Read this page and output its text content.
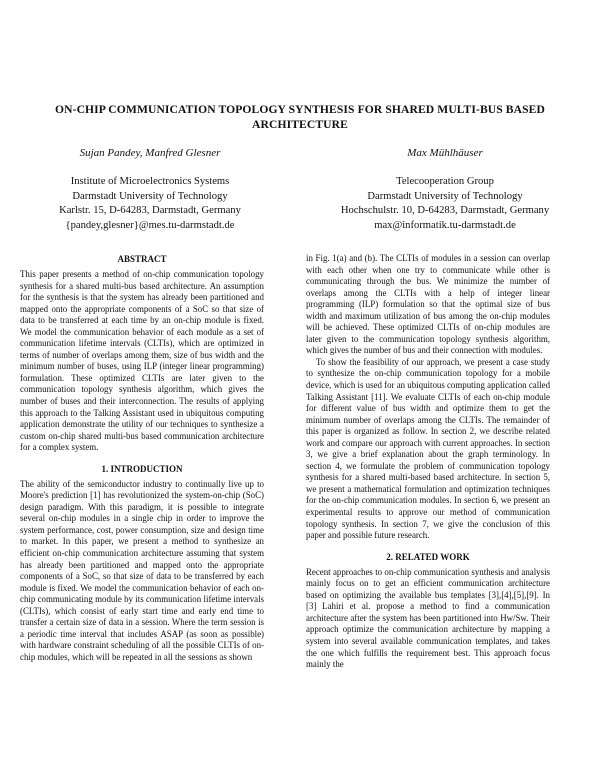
ON-CHIP COMMUNICATION TOPOLOGY SYNTHESIS FOR SHARED MULTI-BUS BASED
ARCHITECTURE
Sujan Pandey, Manfred Glesner	Max Mühlhäuser
Institute of Microelectronics Systems
Darmstadt University of Technology
Karlstr. 15, D-64283, Darmstadt, Germany
{pandey,glesner}@mes.tu-darmstadt.de
Telecooperation Group
Darmstadt University of Technology
Hochschulstr. 10, D-64283, Darmstadt, Germany
max@informatik.tu-darmstadt.de
ABSTRACT

This paper presents a method of on-chip communication topology synthesis for a shared multi-bus based architecture. An assumption for the synthesis is that the system has already been partitioned and mapped onto the appropriate components of a SoC so that size of data to be transferred at each time by an on-chip module is fixed. We model the communication behavior of each module as a set of communication lifetime intervals (CLTIs), which are optimized in terms of number of overlaps among them, size of bus width and the minimum number of buses, using ILP (integer linear programming) formulation. These optimized CLTIs are later given to the communication topology synthesis algorithm, which gives the number of buses and their interconnection. The results of applying this approach to the Talking Assistant used in ubiquitous computing application demonstrate the utility of our techniques to synthesize a custom on-chip shared multi-bus based communication architecture for a complex system.

1. INTRODUCTION

The ability of the semiconductor industry to continually live up to Moore's prediction [1] has revolutionized the system-on-chip (SoC) design paradigm. With this paradigm, it is possible to integrate several on-chip modules in a single chip in order to improve the system performance, cost, power consumption, size and design time to market. In this paper, we present a method to synthesize an efficient on-chip communication architecture assuming that system has already been partitioned and mapped onto the appropriate components of a SoC, so that size of data to be transferred by each module is fixed. We model the communication behavior of each on-chip communicating module by its communication lifetime intervals (CLTIs), which consist of early start time and early end time to transfer a certain size of data in a session. Where the term session is a periodic time interval that includes ASAP (as soon as possible) with hardware constraint scheduling of all the possible CLTIs of on-chip modules, which will be repeated in all the sessions as shown

in Fig. 1(a) and (b). The CLTIs of modules in a session can overlap with each other when one try to communicate while other is communicating through the bus. We minimize the number of overlaps among the CLTIs with a help of integer linear programming (ILP) formulation so that the optimal size of bus width and maximum utilization of bus among the on-chip modules will be achieved. These optimized CLTIs of on-chip modules are later given to the communication topology synthesis algorithm, which gives the number of bus and their connection with modules.

To show the feasibility of our approach, we present a case study to synthesize the on-chip communication topology for a mobile device, which is used for an ubiquitous computing application called Talking Assistant [11]. We evaluate CLTIs of each on-chip module for different value of bus width and optimize them to get the minimum number of overlaps among the CLTIs. The remainder of this paper is organized as follow. In section 2, we describe related work and compare our approach with current approaches. In section 3, we give a brief explanation about the graph terminology. In section 4, we formulate the problem of communication topology synthesis for a shared multi-based based architecture. In section 5, we present a mathematical formulation and optimization techniques for the on-chip communication modules. In section 6, we present an experimental results to approve our method of communication topology synthesis. In section 7, we give the conclusion of this paper and possible future research.

2. RELATED WORK

Recent approaches to on-chip communication synthesis and analysis mainly focus on to get an efficient communication architecture based on optimizing the available bus templates [3],[4],[5],[9]. In [3] Lahiri et al. propose a method to find a communication architecture after the system has been partitioned into Hw/Sw. Their approach optimize the communication architecture by mapping a system into several available communication templates, and takes the one which fulfills the requirement best. This approach focus mainly the
